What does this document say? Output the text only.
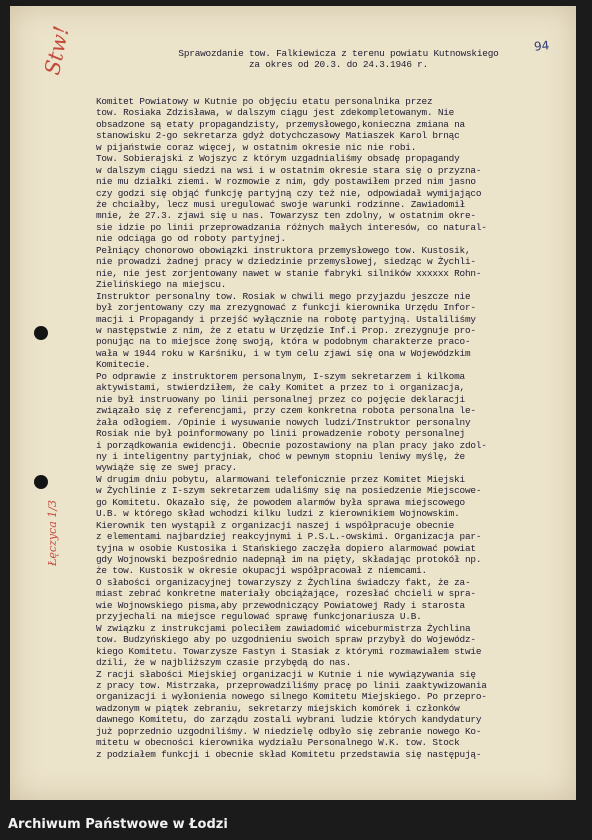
94
Stw!
Łęczyca 1/3

Sprawozdanie tow. Falkiewicza z terenu powiatu Kutnowskiego
za okres od 20.3. do 24.3.1946 r.

Komitet Powiatowy w Kutnie po objęciu etatu personalnika przez
tow. Rosiaka Zdzisława, w dalszym ciągu jest zdekompletowanym. Nie
obsadzone są etaty propagandzisty, przemysłowego,konieczna zmiana na
stanowisku 2-go sekretarza gdyż dotychczasowy Matiaszek Karol brnąc
w pijaństwie coraz więcej, w ostatnim okresie nic nie robi.
Tow. Sobierajski z Wojszyc z którym uzgadnialiśmy obsadę propagandy
w dalszym ciągu siedzi na wsi i w ostatnim okresie stara się o przyzna-
nie mu działki ziemi. W rozmowie z nim, gdy postawiłem przed nim jasno
czy godzi się objąć funkcję partyjną czy też nie, odpowiadał wymijająco
że chciałby, lecz musi uregulować swoje warunki rodzinne. Zawiadomił
mnie, że 27.3. zjawi się u nas. Towarzysz ten zdolny, w ostatnim okre-
sie idzie po linii przeprowadzania różnych małych interesów, co natural-
nie odciąga go od roboty partyjnej.
Pełniący chonorowo obowiązki instruktora przemysłowego tow. Kustosik,
nie prowadzi żadnej pracy w dziedzinie przemysłowej, siedząc w Żychli-
nie, nie jest zorjentowany nawet w stanie fabryki silników xxxxxx Rohn-
Zielińskiego na miejscu.
Instruktor personalny tow. Rosiak w chwili mego przyjazdu jeszcze nie
był zorjentowany czy ma zrezygnować z funkcji kierownika Urzędu Infor-
macji i Propagandy i przejść wyłącznie na robotę partyjną. Ustaliliśmy
w następstwie z nim, że z etatu w Urzędzie Inf.i Prop. zrezygnuje pro-
ponując na to miejsce żonę swoją, która w podobnym charakterze praco-
wała w 1944 roku w Karśniku, i w tym celu zjawi się ona w Wojewódzkim
Komitecie.
Po odprawie z instruktorem personalnym, I-szym sekretarzem i kilkoma
aktywistami, stwierdziłem, że cały Komitet a przez to i organizacja,
nie był instruowany po linii personalnej przez co pojęcie deklaracji
związało się z referencjami, przy czem konkretna robota personalna le-
żała odłogiem. /Opinie i wysuwanie nowych ludzi/Instruktor personalny
Rosiak nie był poinformowany po linii prowadzenie roboty personalnej
i porządkowania ewidencji. Obecnie pozostawiony na plan pracy jako zdol-
ny i inteligentny partyjniak, choć w pewnym stopniu leniwy myślę, że
wywiąże się ze swej pracy.
W drugim dniu pobytu, alarmowani telefonicznie przez Komitet Miejski
w Żychlinie z I-szym sekretarzem udaliśmy się na posiedzenie Miejscowe-
go Komitetu. Okazało się, że powodem alarmów była sprawa miejscowego
U.B. w którego skład wchodzi kilku ludzi z kierownikiem Wojnowskim.
Kierownik ten wystąpił z organizacji naszej i współpracuje obecnie
z elementami najbardziej reakcyjnymi i P.S.L.-owskimi. Organizacja par-
tyjna w osobie Kustosika i Stańskiego zaczęła dopiero alarmować powiat
gdy Wojnowski bezpośrednio nadepnął im na pięty, składając protokół np.
że tow. Kustosik w okresie okupacji współpracował z niemcami.
O słabości organizacyjnej towarzyszy z Żychlina świadczy fakt, że za-
miast zebrać konkretne materiały obciążające, rozesłać chcieli w spra-
wie Wojnowskiego pisma,aby przewodniczący Powiatowej Rady i starosta
przyjechali na miejsce regulować sprawę funkcjonariusza U.B.
W związku z instrukcjami poleciłem zawiadomić wiceburmistrza Żychlina
tow. Budzyńskiego aby po uzgodnieniu swoich spraw przybył do Wojewódz-
kiego Komitetu. Towarzysze Fastyn i Stasiak z którymi rozmawiałem stwie
dzili, że w najbliższym czasie przybędą do nas.
Z racji słabości Miejskiej organizacji w Kutnie i nie wywiązywania się
z pracy tow. Mistrzaka, przeprowadziliśmy pracę po linii zaaktywizowania
organizacji i wyłonienia nowego silnego Komitetu Miejskiego. Po przepro-
wadzonym w piątek zebraniu, sekretarzy miejskich komórek i członków
dawnego Komitetu, do zarządu zostali wybrani ludzie których kandydatury
już poprzednio uzgodniliśmy. W niedzielę odbyło się zebranie nowego Ko-
mitetu w obecności kierownika wydziału Personalnego W.K. tow. Stock
z podziałem funkcji i obecnie skład Komitetu przedstawia się następują-

Archiwum Państwowe w Łodzi
